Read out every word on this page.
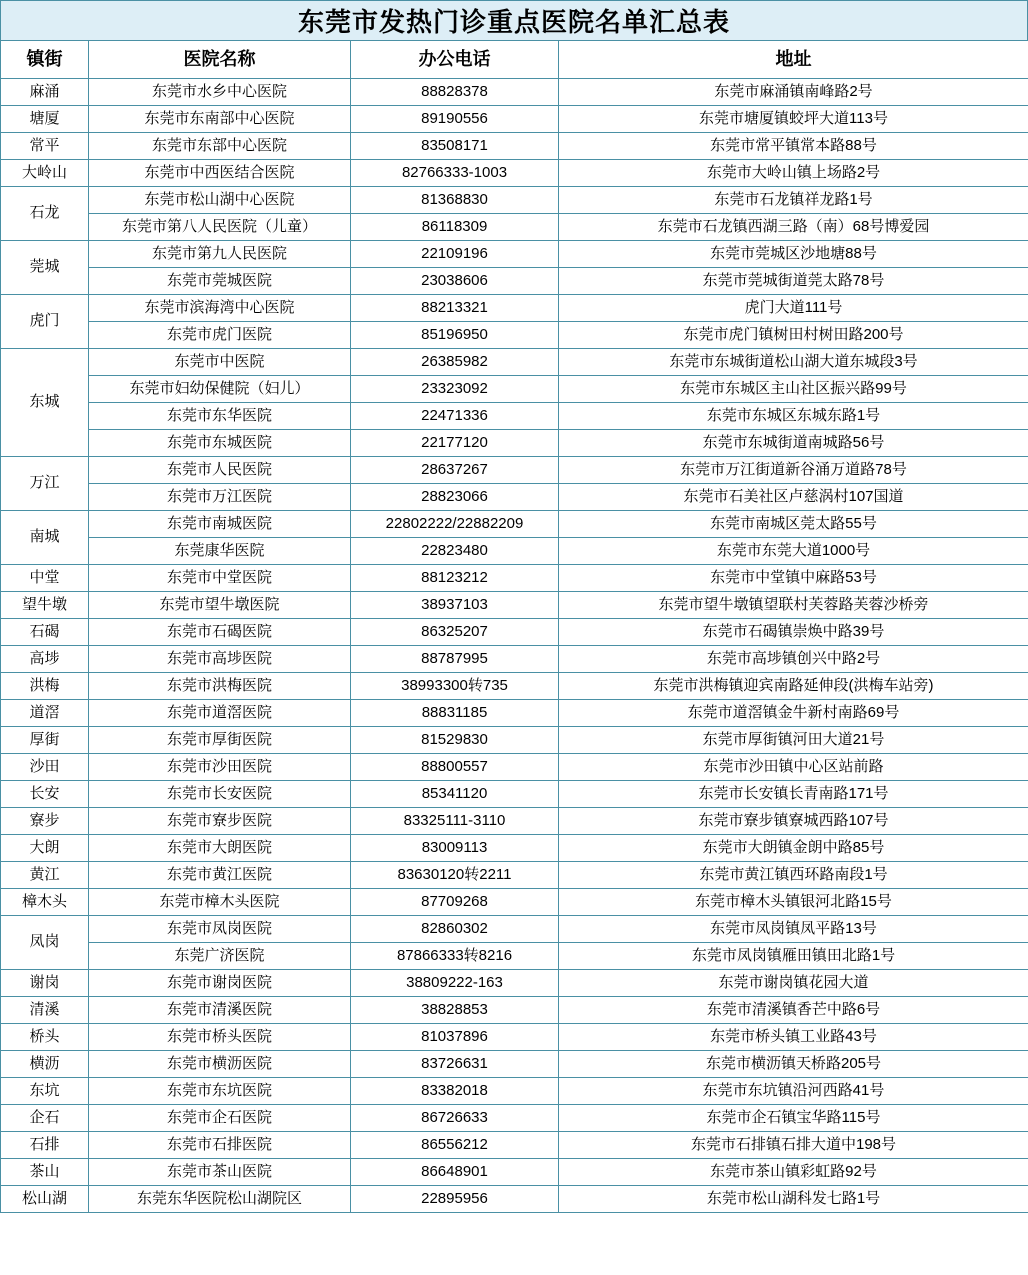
东莞市发热门诊重点医院名单汇总表
镇街	医院名称	办公电话	地址
麻涌	东莞市水乡中心医院	88828378	东莞市麻涌镇南峰路2号
塘厦	东莞市东南部中心医院	89190556	东莞市塘厦镇蛟坪大道113号
常平	东莞市东部中心医院	83508171	东莞市常平镇常本路88号
大岭山	东莞市中西医结合医院	82766333-1003	东莞市大岭山镇上场路2号
石龙	东莞市松山湖中心医院	81368830	东莞市石龙镇祥龙路1号
	东莞市第八人民医院（儿童）	86118309	东莞市石龙镇西湖三路（南）68号博爱园
莞城	东莞市第九人民医院	22109196	东莞市莞城区沙地塘88号
	东莞市莞城医院	23038606	东莞市莞城街道莞太路78号
虎门	东莞市滨海湾中心医院	88213321	虎门大道111号
	东莞市虎门医院	85196950	东莞市虎门镇树田村树田路200号
东城	东莞市中医院	26385982	东莞市东城街道松山湖大道东城段3号
	东莞市妇幼保健院（妇儿）	23323092	东莞市东城区主山社区振兴路99号
	东莞市东华医院	22471336	东莞市东城区东城东路1号
	东莞市东城医院	22177120	东莞市东城街道南城路56号
万江	东莞市人民医院	28637267	东莞市万江街道新谷涌万道路78号
	东莞市万江医院	28823066	东莞市石美社区卢慈涡村107国道
南城	东莞市南城医院	22802222/22882209	东莞市南城区莞太路55号
	东莞康华医院	22823480	东莞市东莞大道1000号
中堂	东莞市中堂医院	88123212	东莞市中堂镇中麻路53号
望牛墩	东莞市望牛墩医院	38937103	东莞市望牛墩镇望联村芙蓉路芙蓉沙桥旁
石碣	东莞市石碣医院	86325207	东莞市石碣镇崇焕中路39号
高埗	东莞市高埗医院	88787995	东莞市高埗镇创兴中路2号
洪梅	东莞市洪梅医院	38993300转735	东莞市洪梅镇迎宾南路延伸段(洪梅车站旁)
道滘	东莞市道滘医院	88831185	东莞市道滘镇金牛新村南路69号
厚街	东莞市厚街医院	81529830	东莞市厚街镇河田大道21号
沙田	东莞市沙田医院	88800557	东莞市沙田镇中心区站前路
长安	东莞市长安医院	85341120	东莞市长安镇长青南路171号
寮步	东莞市寮步医院	83325111-3110	东莞市寮步镇寮城西路107号
大朗	东莞市大朗医院	83009113	东莞市大朗镇金朗中路85号
黄江	东莞市黄江医院	83630120转2211	东莞市黄江镇西环路南段1号
樟木头	东莞市樟木头医院	87709268	东莞市樟木头镇银河北路15号
凤岗	东莞市凤岗医院	82860302	东莞市凤岗镇凤平路13号
	东莞广济医院	87866333转8216	东莞市凤岗镇雁田镇田北路1号
谢岗	东莞市谢岗医院	38809222-163	东莞市谢岗镇花园大道
清溪	东莞市清溪医院	38828853	东莞市清溪镇香芒中路6号
桥头	东莞市桥头医院	81037896	东莞市桥头镇工业路43号
横沥	东莞市横沥医院	83726631	东莞市横沥镇天桥路205号
东坑	东莞市东坑医院	83382018	东莞市东坑镇沿河西路41号
企石	东莞市企石医院	86726633	东莞市企石镇宝华路115号
石排	东莞市石排医院	86556212	东莞市石排镇石排大道中198号
茶山	东莞市茶山医院	86648901	东莞市茶山镇彩虹路92号
松山湖	东莞东华医院松山湖院区	22895956	东莞市松山湖科发七路1号
